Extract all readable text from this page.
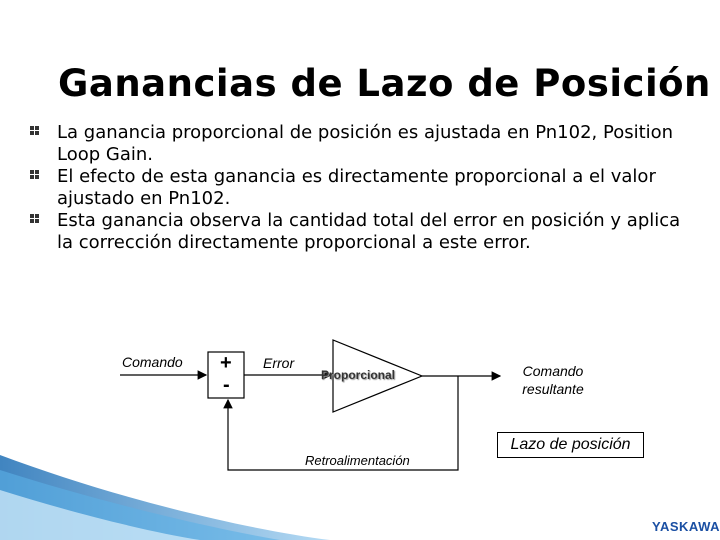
Ganancias de Lazo de Posición
La ganancia proporcional de posición es ajustada en Pn102, Position Loop Gain.
El efecto de esta ganancia es directamente proporcional a el valor ajustado en Pn102.
Esta ganancia observa la cantidad total del error en posición y aplica la corrección directamente proporcional a este error.
Comando +
-
Error
Proporcional	Comando
resultante
Retroalimentación
Lazo de posición
YASKAWA
